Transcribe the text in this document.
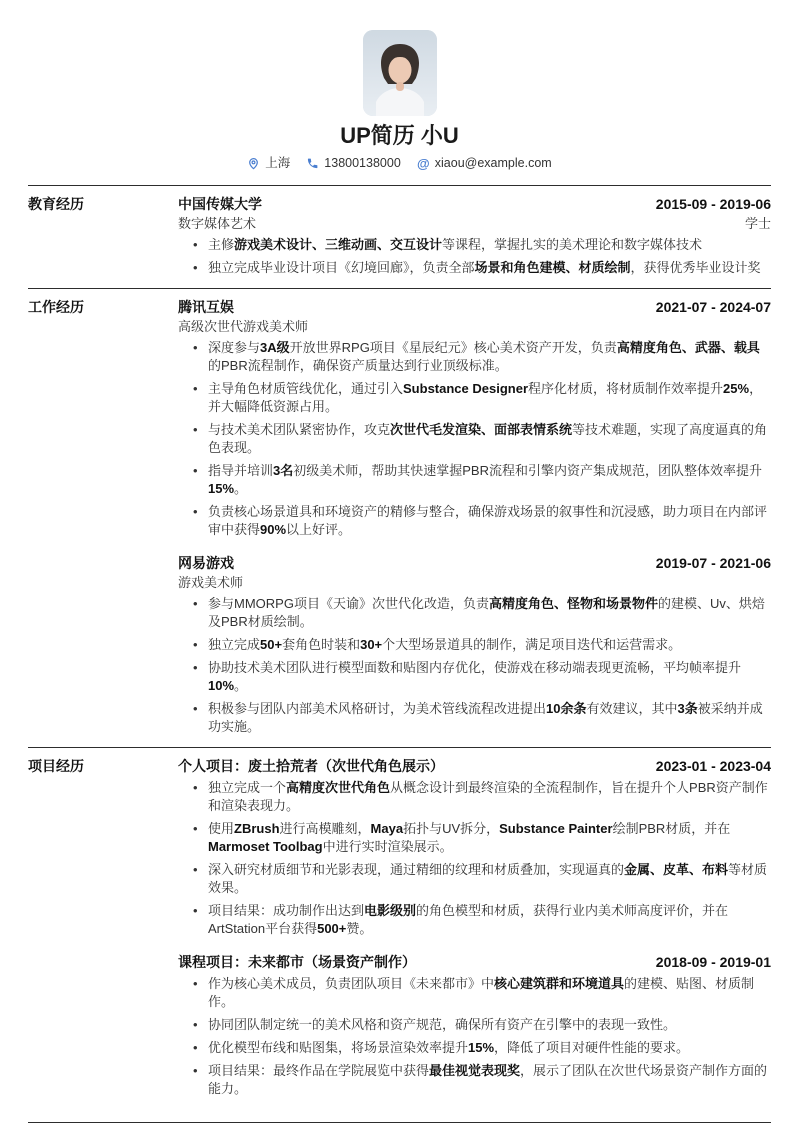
UP简历 小U
上海	13800138000 @ xiaou@example.com
教育经历	中国传媒大学	2015-09 - 2019-06
数字媒体艺术	学士
• 主修游戏美术设计、三维动画、交互设计等课程，掌握扎实的美术理论和数字媒体技术
• 独立完成毕业设计项目《幻境回廊》，负责全部场景和角色建模、材质绘制，获得优秀毕业设计奖
工作经历	腾讯互娱	2021-07 - 2024-07
高级次世代游戏美术师
• 深度参与3A级开放世界RPG项目《星辰纪元》核心美术资产开发，负责高精度角色、武器、载具的PBR流程制作，确保资产质量达到行业顶级标准。
• 主导角色材质管线优化，通过引入Substance Designer程序化材质，将材质制作效率提升25%，并大幅降低资源占用。
• 与技术美术团队紧密协作，攻克次世代毛发渲染、面部表情系统等技术难题，实现了高度逼真的角色表现。
• 指导并培训3名初级美术师，帮助其快速掌握PBR流程和引擎内资产集成规范，团队整体效率提升15%。
• 负责核心场景道具和环境资产的精修与整合，确保游戏场景的叙事性和沉浸感，助力项目在内部评审中获得90%以上好评。
网易游戏	2019-07 - 2021-06
游戏美术师
• 参与MMORPG项目《天谕》次世代化改造，负责高精度角色、怪物和场景物件的建模、Uv、烘焙及PBR材质绘制。
• 独立完成50+套角色时装和30+个大型场景道具的制作，满足项目迭代和运营需求。
• 协助技术美术团队进行模型面数和贴图内存优化，使游戏在移动端表现更流畅，平均帧率提升10%。
• 积极参与团队内部美术风格研讨，为美术管线流程改进提出10余条有效建议，其中3条被采纳并成功实施。
项目经历	个人项目：废土拾荒者（次世代角色展示）	2023-01 - 2023-04
• 独立完成一个高精度次世代角色从概念设计到最终渲染的全流程制作，旨在提升个人PBR资产制作和渲染表现力。
• 使用ZBrush进行高模雕刻，Maya拓扑与UV拆分，Substance Painter绘制PBR材质，并在Marmoset Toolbag中进行实时渲染展示。
• 深入研究材质细节和光影表现，通过精细的纹理和材质叠加，实现逼真的金属、皮革、布料等材质效果。
• 项目结果：成功制作出达到电影级别的角色模型和材质，获得行业内美术师高度评价，并在ArtStation平台获得500+赞。
课程项目：未来都市（场景资产制作）	2018-09 - 2019-01
• 作为核心美术成员，负责团队项目《未来都市》中核心建筑群和环境道具的建模、贴图、材质制作。
• 协同团队制定统一的美术风格和资产规范，确保所有资产在引擎中的表现一致性。
• 优化模型布线和贴图集，将场景渲染效率提升15%，降低了项目对硬件性能的要求。
• 项目结果：最终作品在学院展览中获得最佳视觉表现奖，展示了团队在次世代场景资产制作方面的能力。
